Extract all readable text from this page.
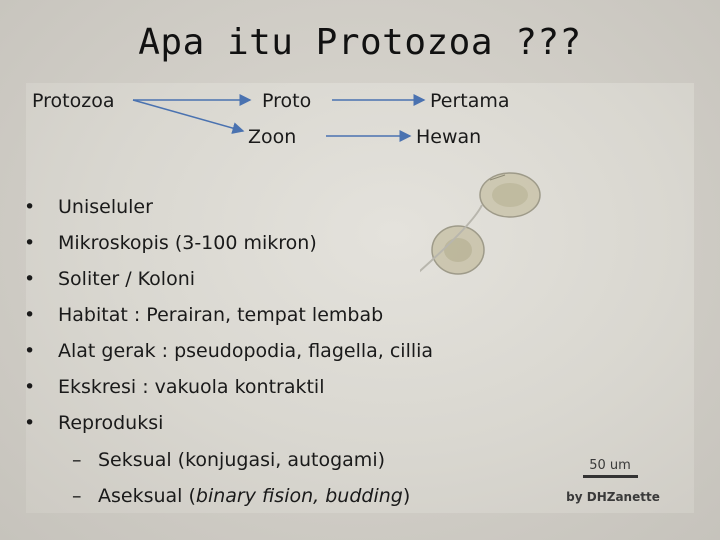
Apa itu Protozoa ???
Protozoa	Proto
Zoon
Pertama
Hewan
• Uniseluler
• Mikroskopis (3-100 mikron)
• Soliter / Koloni
• Habitat : Perairan, tempat lembab
• Alat gerak : pseudopodia, flagella, cillia
• Ekskresi : vakuola kontraktil
• Reproduksi
– Seksual (konjugasi, autogami)
– Aseksual (binary fision, budding)
50 um
by DHZanette
